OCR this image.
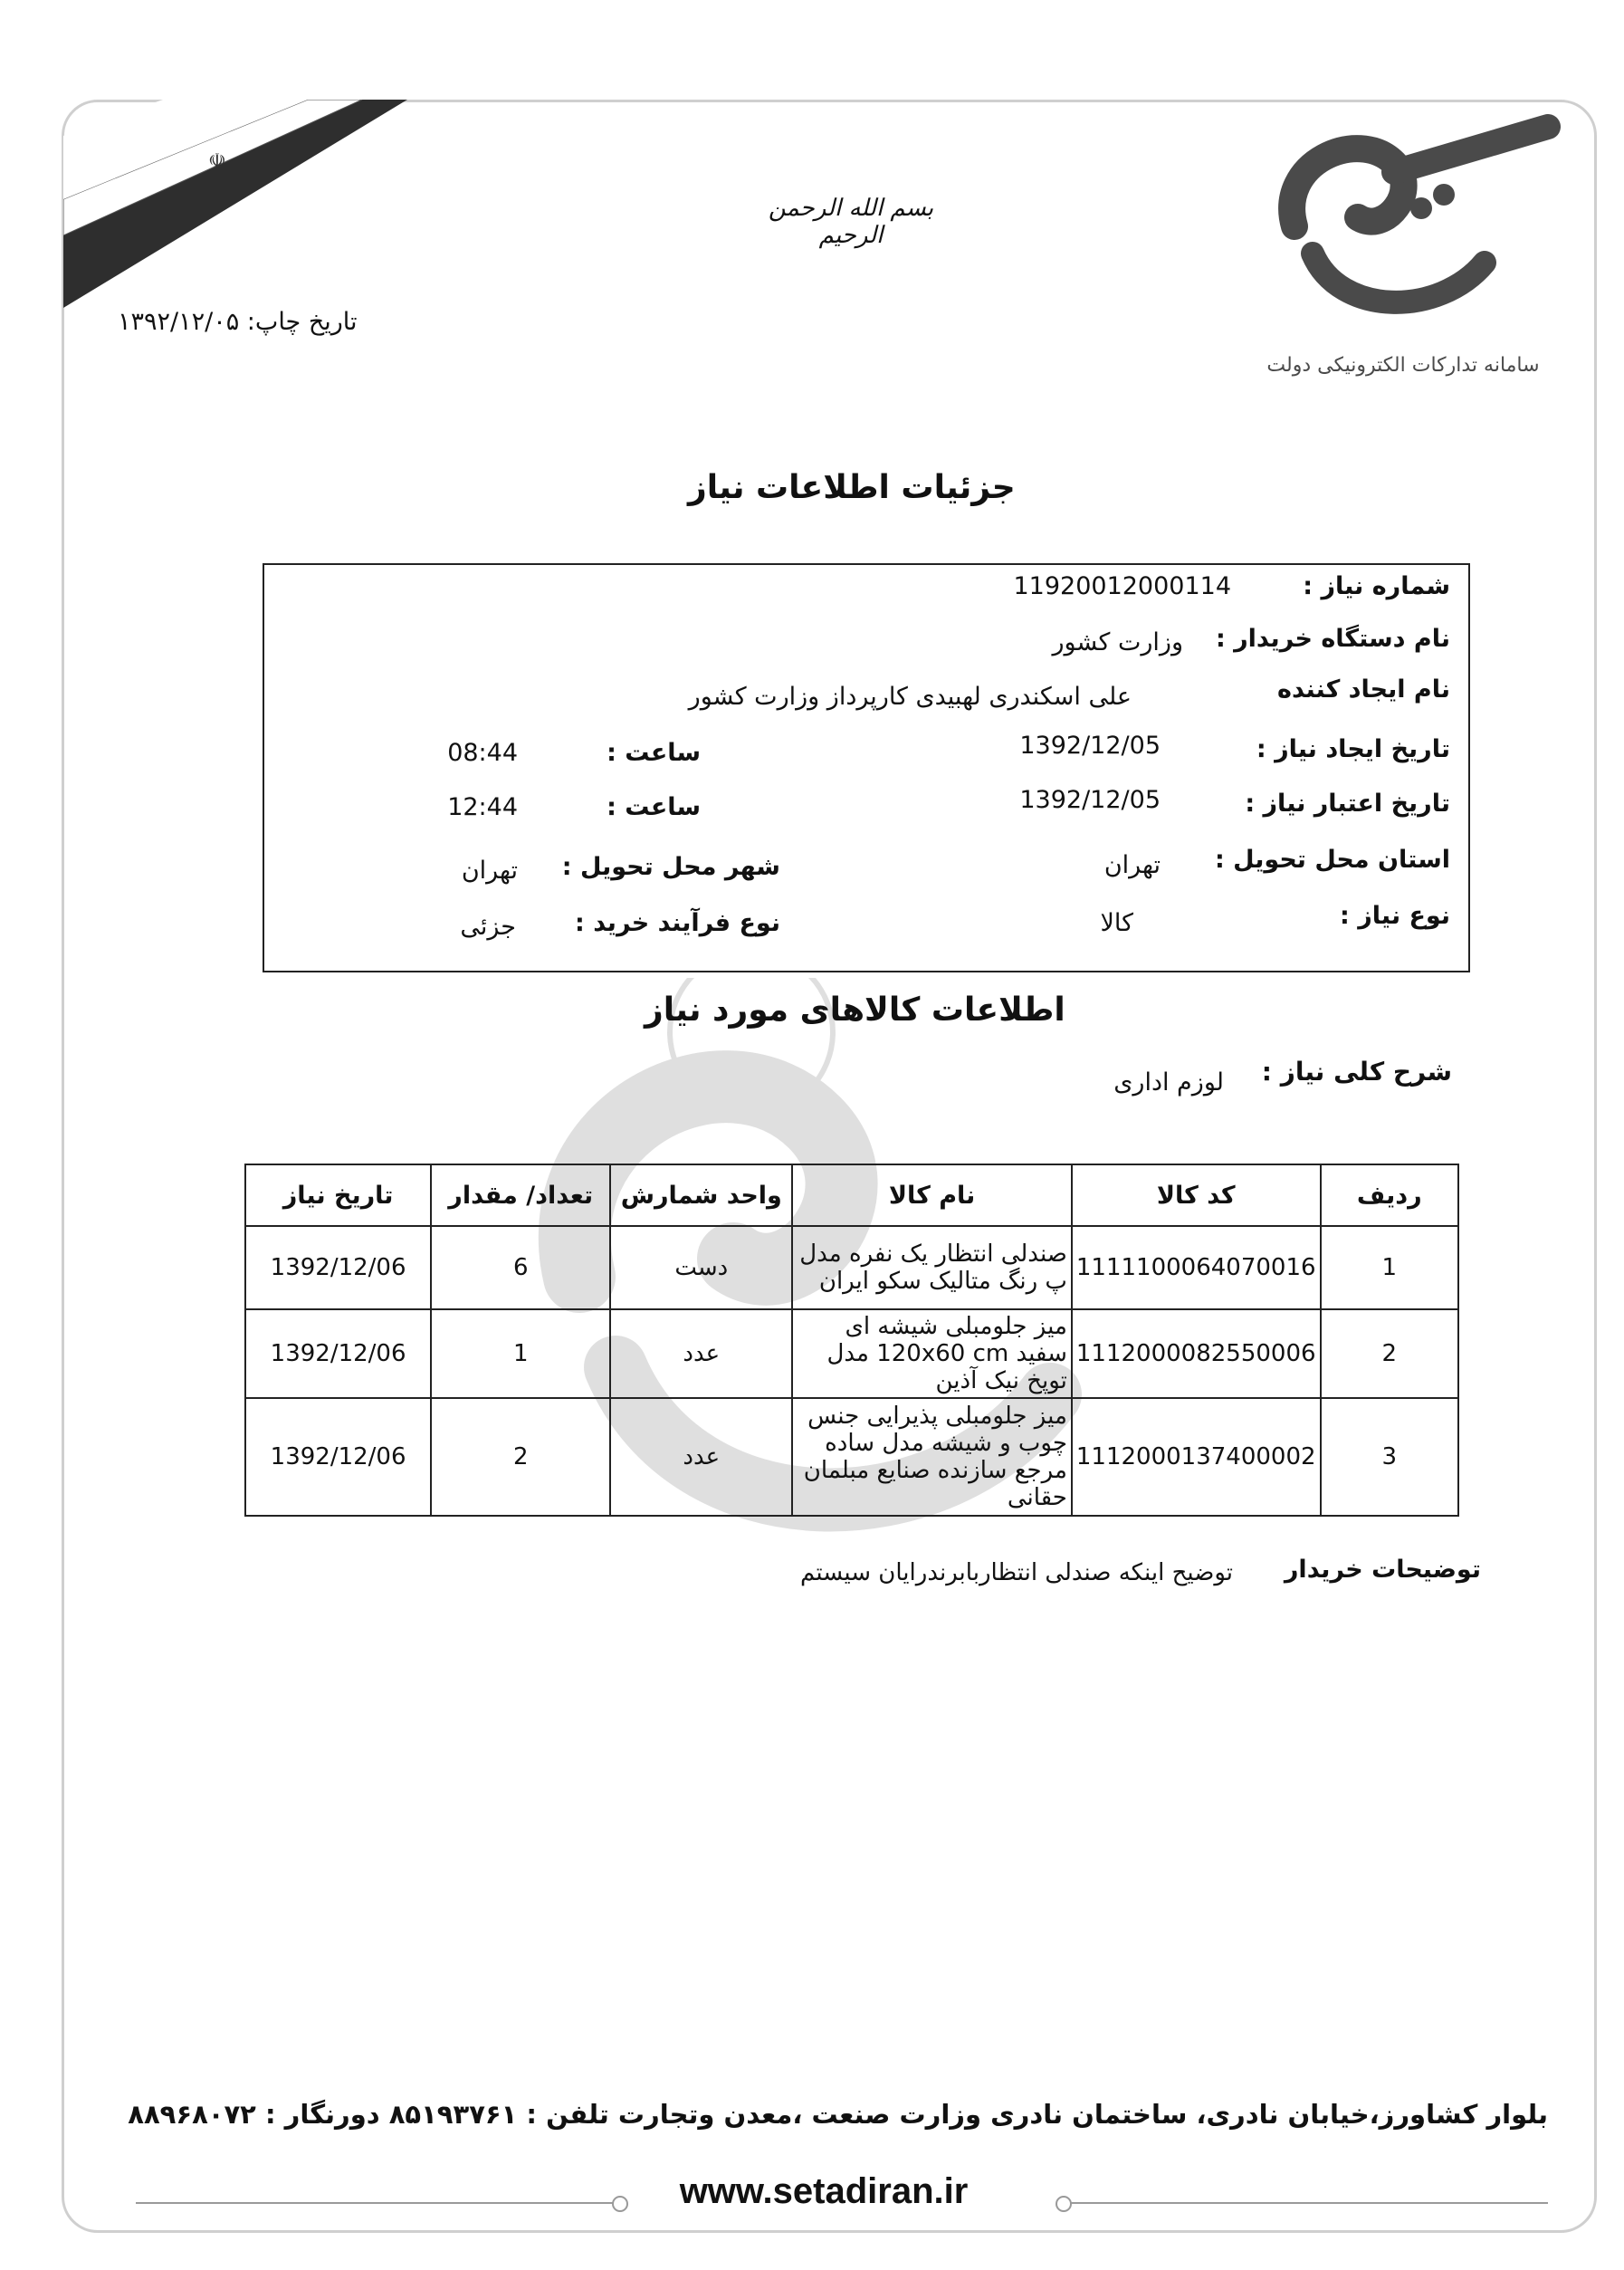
☫
سامانه تدارکات الکترونیکی دولت
بسم الله الرحمن الرحیم
تاریخ چاپ: ۱۳۹۲/۱۲/۰۵
جزئیات اطلاعات نیاز
شماره نیاز :
11920012000114
نام دستگاه خریدار :
وزارت کشور
نام ایجاد کننده
علی اسکندری لهبیدی کارپرداز وزارت کشور
تاریخ ایجاد نیاز :
1392/12/05
ساعت :
08:44
تاریخ اعتبار نیاز :
1392/12/05
ساعت :
12:44
استان محل تحویل :
تهران
شهر محل تحویل :
تهران
نوع نیاز :
کالا
نوع فرآیند خرید :
جزئی
اطلاعات کالاهای مورد نیاز
شرح کلی نیاز :
لوزم اداری
ردیف	کد کالا	نام کالا	واحد شمارش	تعداد/ مقدار	تاریخ نیاز
1	1111100064070016	صندلی انتظار یک نفره مدل پ رنگ متالیک سکو ایران	دست	6	1392/12/06
2	1112000082550006	میز جلومبلی شیشه ای سفید 120x60 cm مدل توپخ نیک آذین	عدد	1	1392/12/06
3	1112000137400002	میز جلومبلی پذیرایی جنس چوب و شیشه مدل ساده مرجع سازنده صنایع مبلمان حقانی	عدد	2	1392/12/06
توضیحات خریدار
توضیح اینکه صندلی انتظاربابرندرایان سیستم
بلوار کشاورز،خیابان نادری، ساختمان نادری وزارت صنعت ،معدن وتجارت تلفن : ۸۵۱۹۳۷۶۱ دورنگار : ۸۸۹۶۸۰۷۲
www.setadiran.ir
